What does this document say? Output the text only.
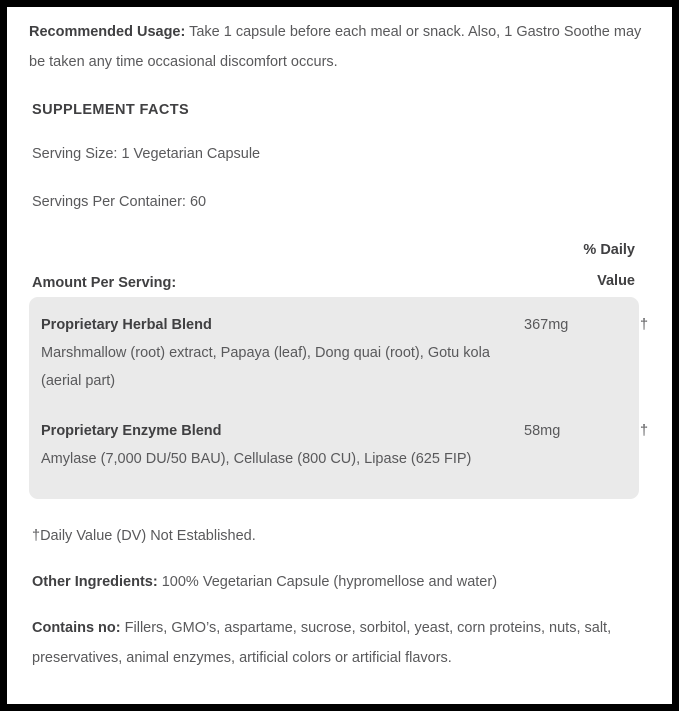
Recommended Usage: Take 1 capsule before each meal or snack. Also, 1 Gastro Soothe may be taken any time occasional discomfort occurs.

SUPPLEMENT FACTS
Serving Size: 1 Vegetarian Capsule
Servings Per Container: 60
Amount Per Serving:
% Daily
Value
Proprietary Herbal Blend
Marshmallow (root) extract, Papaya (leaf), Dong quai (root), Gotu kola (aerial part)
367mg	†
Proprietary Enzyme Blend
Amylase (7,000 DU/50 BAU), Cellulase (800 CU), Lipase (625 FIP)
58mg	†
†Daily Value (DV) Not Established.

Other Ingredients: 100% Vegetarian Capsule (hypromellose and water)

Contains no: Fillers, GMO’s, aspartame, sucrose, sorbitol, yeast, corn proteins, nuts, salt, preservatives, animal enzymes, artificial colors or artificial flavors.
